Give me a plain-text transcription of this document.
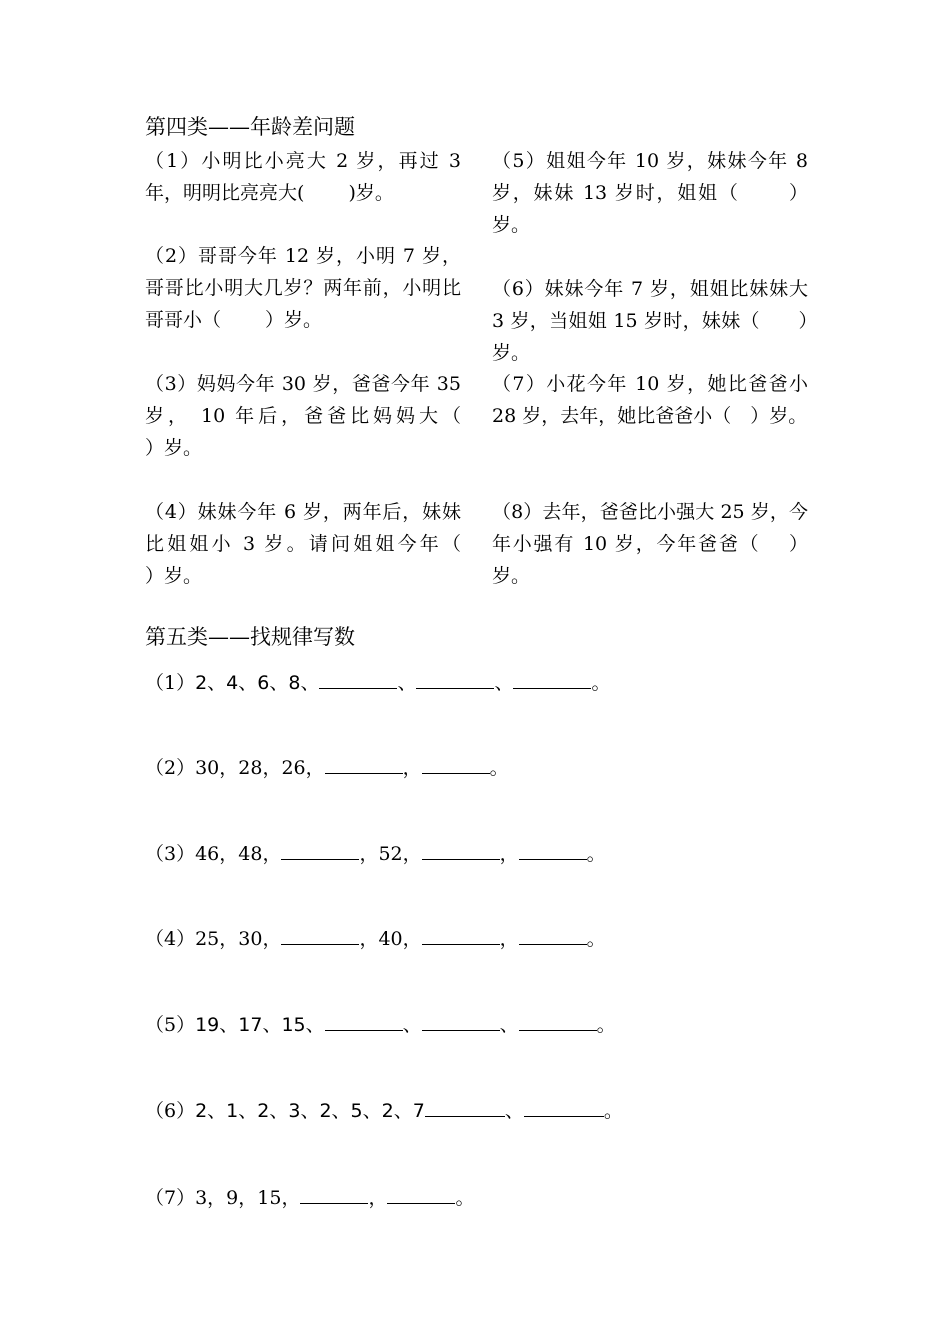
第四类——年龄差问题
（1）小明比小亮大 2 岁，再过 3 年，明明比亮亮大(　　 )岁。
（2）哥哥今年 12 岁，小明 7 岁，哥哥比小明大几岁？两年前，小明比哥哥小（　　 ）岁。
（3）妈妈今年 30 岁，爸爸今年 35 岁， 10 年后，爸爸比妈妈大（　　 ）岁。
（4）妹妹今年 6 岁，两年后，妹妹比姐姐小 3 岁。请问姐姐今年（　　 ）岁。
（5）姐姐今年 10 岁，妹妹今年 8 岁，妹妹 13 岁时，姐姐（　　 ）岁。
（6）妹妹今年 7 岁，姐姐比妹妹大 3 岁，当姐姐 15 岁时，妹妹（　　）岁。
（7）小花今年 10 岁，她比爸爸小 28 岁，去年，她比爸爸小（　）岁。
（8）去年，爸爸比小强大 25 岁，今年小强有 10 岁，今年爸爸（　 ）岁。
第五类——找规律写数
（1）2、4、6、8、	、	、	。
（2）30，28，26，	，	。
（3）46，48，	，52，	，	。
（4）25，30，	，40，	，	。
（5）19、17、15、	、	、	。
（6）2、1、2、3、2、5、2、7	、	。
（7）3，9，15，	，	。
